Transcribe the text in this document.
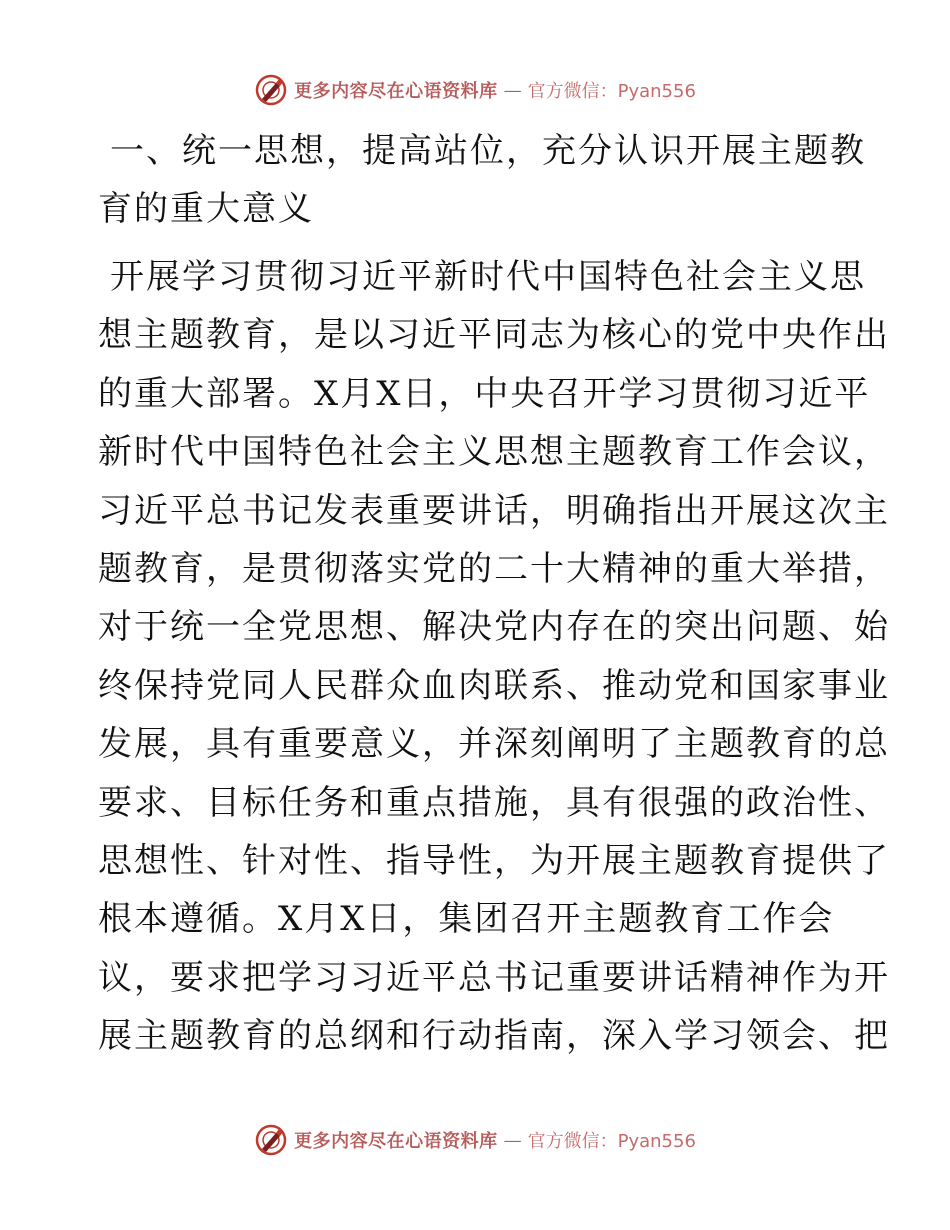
更多内容尽在心语资料库 — 官方微信：Pyan556
一、统一思想，提高站位，充分认识开展主题教
育的重大意义
开展学习贯彻习近平新时代中国特色社会主义思
想主题教育，是以习近平同志为核心的党中央作出
的重大部署。X月X日，中央召开学习贯彻习近平
新时代中国特色社会主义思想主题教育工作会议，
习近平总书记发表重要讲话，明确指出开展这次主
题教育，是贯彻落实党的二十大精神的重大举措，
对于统一全党思想、解决党内存在的突出问题、始
终保持党同人民群众血肉联系、推动党和国家事业
发展，具有重要意义，并深刻阐明了主题教育的总
要求、目标任务和重点措施，具有很强的政治性、
思想性、针对性、指导性，为开展主题教育提供了
根本遵循。X月X日，集团召开主题教育工作会
议，要求把学习习近平总书记重要讲话精神作为开
展主题教育的总纲和行动指南，深入学习领会、把
更多内容尽在心语资料库 — 官方微信：Pyan556
